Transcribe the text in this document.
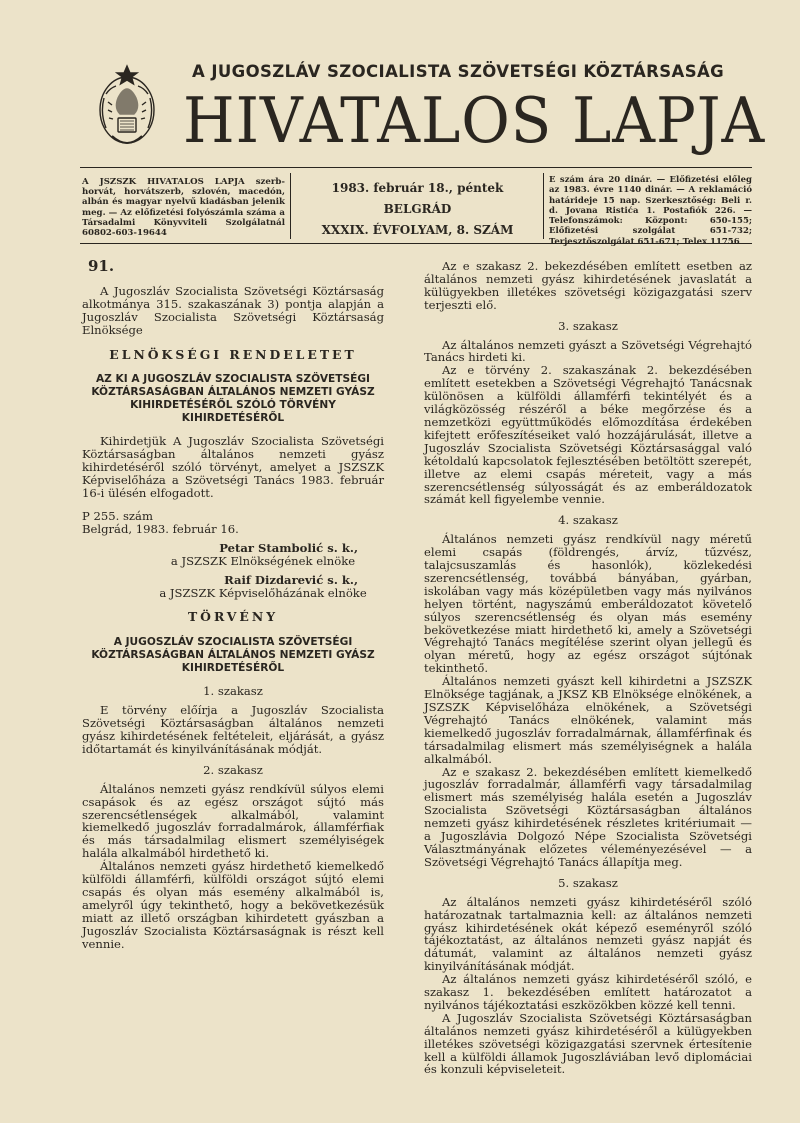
A JUGOSZLÁV SZOCIALISTA SZÖVETSÉGI KÖZTÁRSASÁG
HIVATALOS LAPJA
A JSZSZK HIVATALOS LAPJA szerb-horvát, horvátszerb, szlovén, macedón, albán és magyar nyelvű kiadásban jelenik meg. — Az előfizetési folyószámla száma a Társadalmi Könyvviteli Szolgálatnál 60802-603-19644
1983. február 18., péntek
BELGRÁD
XXXIX. ÉVFOLYAM, 8. SZÁM
E szám ára 20 dinár. — Előfizetési előleg az 1983. évre 1140 dinár. — A reklamáció határideje 15 nap. Szerkesztőség: Beli r. d. Jovana Ristića 1. Postafiók 226. — Telefonszámok: Központ: 650-155; Előfizetési szolgálat 651-732; Terjesztőszolgálat 651-671; Telex 11756
91.

A Jugoszláv Szocialista Szövetségi Köztársaság alkotmánya 315. szakaszának 3) pontja alapján a Jugoszláv Szocialista Szövetségi Köztársaság Elnöksége

ELNÖKSÉGI RENDELETET
AZ KI A JUGOSZLÁV SZOCIALISTA SZÖVETSÉGI KÖZTÁRSASÁGBAN ÁLTALÁNOS NEMZETI GYÁSZ KIHIRDETÉSÉRŐL SZÓLÓ TÖRVÉNY KIHIRDETÉSÉRŐL

Kihirdetjük A Jugoszláv Szocialista Szövetségi Köztársaságban általános nemzeti gyász kihirdetéséről szóló törvényt, amelyet a JSZSZK Képviselőháza a Szövetségi Tanács 1983. február 16-i ülésén elfogadott.

P 255. szám

Belgrád, 1983. február 16.

Petar Stambolić s. k.,
a JSZSZK Elnökségének elnöke
Raif Dizdarević s. k.,
a JSZSZK Képviselőházának elnöke
TÖRVÉNY
A JUGOSZLÁV SZOCIALISTA SZÖVETSÉGI KÖZTÁRSASÁGBAN ÁLTALÁNOS NEMZETI GYÁSZ KIHIRDETÉSÉRŐL
1. szakasz

E törvény előírja a Jugoszláv Szocialista Szövetségi Köztársaságban általános nemzeti gyász kihirdetésének feltételeit, eljárását, a gyász időtartamát és kinyilvánításának módját.

2. szakasz

Általános nemzeti gyász rendkívül súlyos elemi csapások és az egész országot sújtó más szerencsétlenségek alkalmából, valamint kiemelkedő jugoszláv forradalmárok, államférfiak és más társadalmilag elismert személyiségek halála alkalmából hirdethető ki.

Általános nemzeti gyász hirdethető kiemelkedő külföldi államférfi, külföldi országot sújtó elemi csapás és olyan más esemény alkalmából is, amelyről úgy tekinthető, hogy a bekövetkezésük miatt az illető országban kihirdetett gyászban a Jugoszláv Szocialista Köztársaságnak is részt kell vennie.

Az e szakasz 2. bekezdésében említett esetben az általános nemzeti gyász kihirdetésének javaslatát a külügyekben illetékes szövetségi közigazgatási szerv terjeszti elő.

3. szakasz

Az általános nemzeti gyászt a Szövetségi Végrehajtó Tanács hirdeti ki.

Az e törvény 2. szakaszának 2. bekezdésében említett esetekben a Szövetségi Végrehajtó Tanácsnak különösen a külföldi államférfi tekintélyét és a világközösség részéről a béke megőrzése és a nemzetközi együttműködés előmozdítása érdekében kifejtett erőfeszítéseiket való hozzájárulását, illetve a Jugoszláv Szocialista Szövetségi Köztársasággal való kétoldalú kapcsolatok fejlesztésében betöltött szerepét, illetve az elemi csapás méreteit, vagy a más szerencsétlenség súlyosságát és az emberáldozatok számát kell figyelembe vennie.

4. szakasz

Általános nemzeti gyász rendkívül nagy méretű elemi csapás (földrengés, árvíz, tűzvész, talajcsuszamlás és hasonlók), közlekedési szerencsétlenség, továbbá bányában, gyárban, iskolában vagy más középületben vagy más nyilvános helyen történt, nagyszámú emberáldozatot követelő súlyos szerencsétlenség és olyan más esemény bekövetkezése miatt hirdethető ki, amely a Szövetségi Végrehajtó Tanács megítélése szerint olyan jellegű és olyan méretű, hogy az egész országot sújtónak tekinthető.

Általános nemzeti gyászt kell kihirdetni a JSZSZK Elnöksége tagjának, a JKSZ KB Elnöksége elnökének, a JSZSZK Képviselőháza elnökének, a Szövetségi Végrehajtó Tanács elnökének, valamint más kiemelkedő jugoszláv forradalmárnak, államférfinak és társadalmilag elismert más személyiségnek a halála alkalmából.

Az e szakasz 2. bekezdésében említett kiemelkedő jugoszláv forradalmár, államférfi vagy társadalmilag elismert más személyiség halála esetén a Jugoszláv Szocialista Szövetségi Köztársaságban általános nemzeti gyász kihirdetésének részletes kritériumait — a Jugoszlávia Dolgozó Népe Szocialista Szövetségi Választmányának előzetes véleményezésével — a Szövetségi Végrehajtó Tanács állapítja meg.

5. szakasz

Az általános nemzeti gyász kihirdetéséről szóló határozatnak tartalmaznia kell: az általános nemzeti gyász kihirdetésének okát képező eseményről szóló tájékoztatást, az általános nemzeti gyász napját és dátumát, valamint az általános nemzeti gyász kinyilvánításának módját.

Az általános nemzeti gyász kihirdetéséről szóló, e szakasz 1. bekezdésében említett határozatot a nyilvános tájékoztatási eszközökben közzé kell tenni.

A Jugoszláv Szocialista Szövetségi Köztársaságban általános nemzeti gyász kihirdetéséről a külügyekben illetékes szövetségi közigazgatási szervnek értesítenie kell a külföldi államok Jugoszláviában levő diplomáciai és konzuli képviseleteit.
